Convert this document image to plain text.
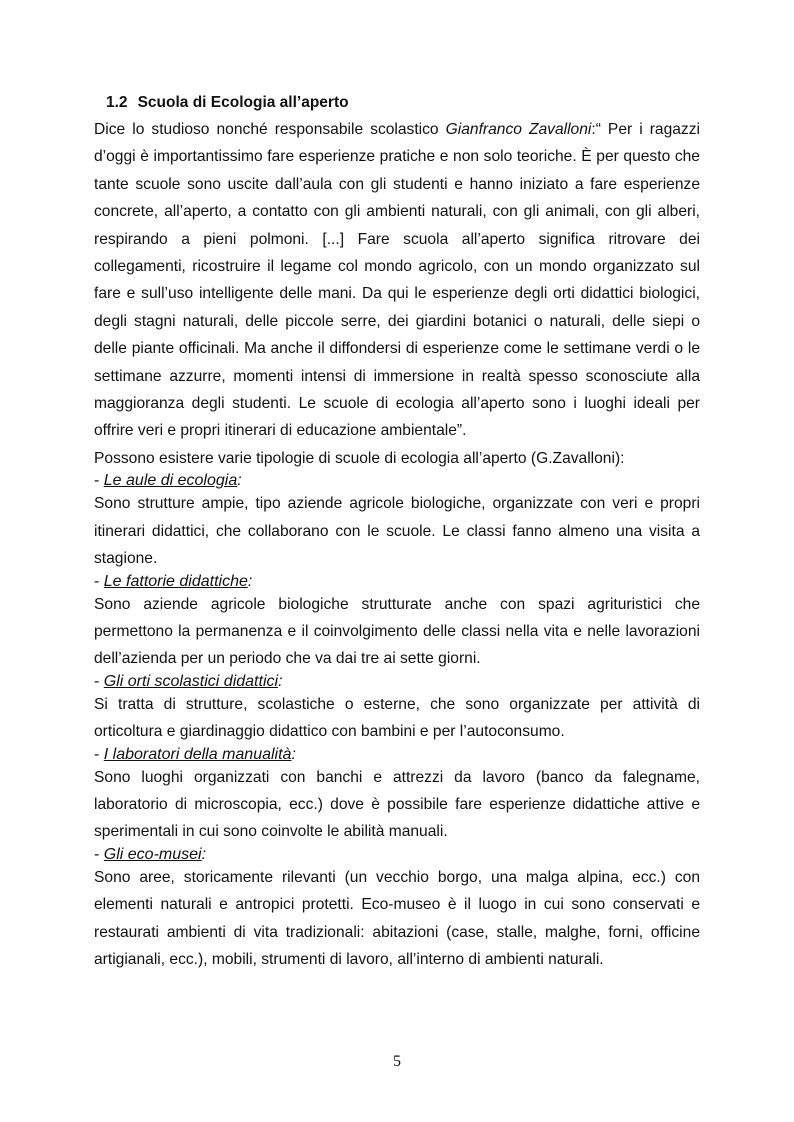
1.2 Scuola di Ecologia all’aperto

Dice lo studioso nonché responsabile scolastico Gianfranco Zavalloni:“ Per i ragazzi d’oggi è importantissimo fare esperienze pratiche e non solo teoriche. È per questo che tante scuole sono uscite dall’aula con gli studenti e hanno iniziato a fare esperienze concrete, all’aperto, a contatto con gli ambienti naturali, con gli animali, con gli alberi, respirando a pieni polmoni. [...] Fare scuola all’aperto significa ritrovare dei collegamenti, ricostruire il legame col mondo agricolo, con un mondo organizzato sul fare e sull’uso intelligente delle mani. Da qui le esperienze degli orti didattici biologici, degli stagni naturali, delle piccole serre, dei giardini botanici o naturali, delle siepi o delle piante officinali. Ma anche il diffondersi di esperienze come le settimane verdi o le settimane azzurre, momenti intensi di immersione in realtà spesso sconosciute alla maggioranza degli studenti. Le scuole di ecologia all’aperto sono i luoghi ideali per offrire veri e propri itinerari di educazione ambientale”.

Possono esistere varie tipologie di scuole di ecologia all’aperto (G.Zavalloni):

- Le aule di ecologia:

Sono strutture ampie, tipo aziende agricole biologiche, organizzate con veri e propri itinerari didattici, che collaborano con le scuole. Le classi fanno almeno una visita a stagione.

- Le fattorie didattiche:

Sono aziende agricole biologiche strutturate anche con spazi agrituristici che permettono la permanenza e il coinvolgimento delle classi nella vita e nelle lavorazioni dell’azienda per un periodo che va dai tre ai sette giorni.

- Gli orti scolastici didattici:

Si tratta di strutture, scolastiche o esterne, che sono organizzate per attività di orticoltura e giardinaggio didattico con bambini e per l’autoconsumo.

- I laboratori della manualità:

Sono luoghi organizzati con banchi e attrezzi da lavoro (banco da falegname, laboratorio di microscopia, ecc.) dove è possibile fare esperienze didattiche attive e sperimentali in cui sono coinvolte le abilità manuali.

- Gli eco-musei:

Sono aree, storicamente rilevanti (un vecchio borgo, una malga alpina, ecc.) con elementi naturali e antropici protetti. Eco-museo è il luogo in cui sono conservati e restaurati ambienti di vita tradizionali: abitazioni (case, stalle, malghe, forni, officine artigianali, ecc.), mobili, strumenti di lavoro, all’interno di ambienti naturali.

5
